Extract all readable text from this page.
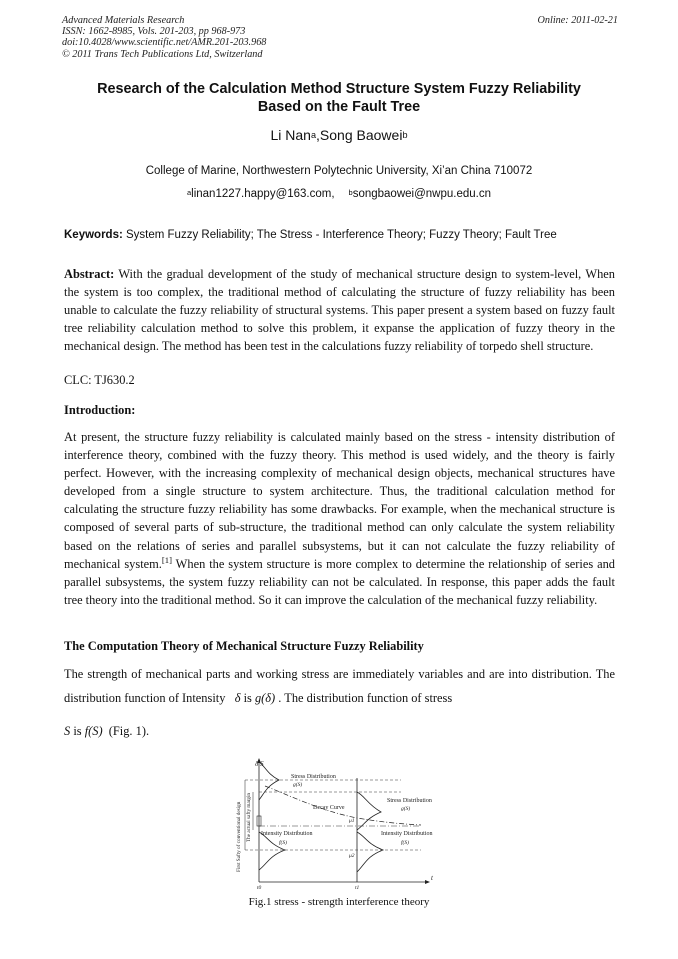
Advanced Materials Research
ISSN: 1662-8985, Vols. 201-203, pp 968-973
doi:10.4028/www.scientific.net/AMR.201-203.968
© 2011 Trans Tech Publications Ltd, Switzerland
Online: 2011-02-21
Research of the Calculation Method Structure System Fuzzy Reliability
Based on the Fault Tree
Li Nan$^a$,Song Baowei$^b$
College of Marine, Northwestern Polytechnic University, Xi’an China 710072
$^a$linan1227.happy@163.com, $^b$songbaowei@nwpu.edu.cn
Keywords: System Fuzzy Reliability; The Stress - Interference Theory; Fuzzy Theory; Fault Tree
Abstract: With the gradual development of the study of mechanical structure design to system-level, When the system is too complex, the traditional method of calculating the structure of fuzzy reliability has been unable to calculate the fuzzy reliability of structural systems. This paper present a system based on fuzzy fault tree reliability calculation method to solve this problem, it expanse the application of fuzzy theory in the mechanical design. The method has been test in the calculations fuzzy reliability of torpedo shell structure.
CLC: TJ630.2
Introduction:
At present, the structure fuzzy reliability is calculated mainly based on the stress - intensity distribution of interference theory, combined with the fuzzy theory. This method is used widely, and the theory is fairly perfect. However, with the increasing complexity of mechanical design objects, mechanical structures have developed from a single structure to system architecture. Thus, the traditional calculation method for calculating the structure fuzzy reliability has some drawbacks. For example, when the mechanical structure is composed of several parts of sub-structure, the traditional method can only calculate the system reliability based on the relations of series and parallel subsystems, but it can not calculate the fuzzy reliability of mechanical system.[1] When the system structure is more complex to determine the relationship of series and parallel subsystems, the system fuzzy reliability can not be calculated. In response, this paper adds the fault tree theory into the traditional method. So it can improve the calculation of the mechanical fuzzy reliability.
The Computation Theory of Mechanical Structure Fuzzy Reliability
The strength of mechanical parts and working stress are immediately variables and are into distribution. The distribution function of Intensity δ is g(δ) . The distribution function of stress
S is f(S) (Fig. 1).
δ S
t
t0	t1
First Safty of conventional design The actual safty margin
Stress Distribution
g(S)
Stress Distribution
g(S)
Decay Curve
Intensity Distribution
f(S)
Intensity Distribution
f(S)
μ1
μ2
Fig.1 stress - strength interference theory
